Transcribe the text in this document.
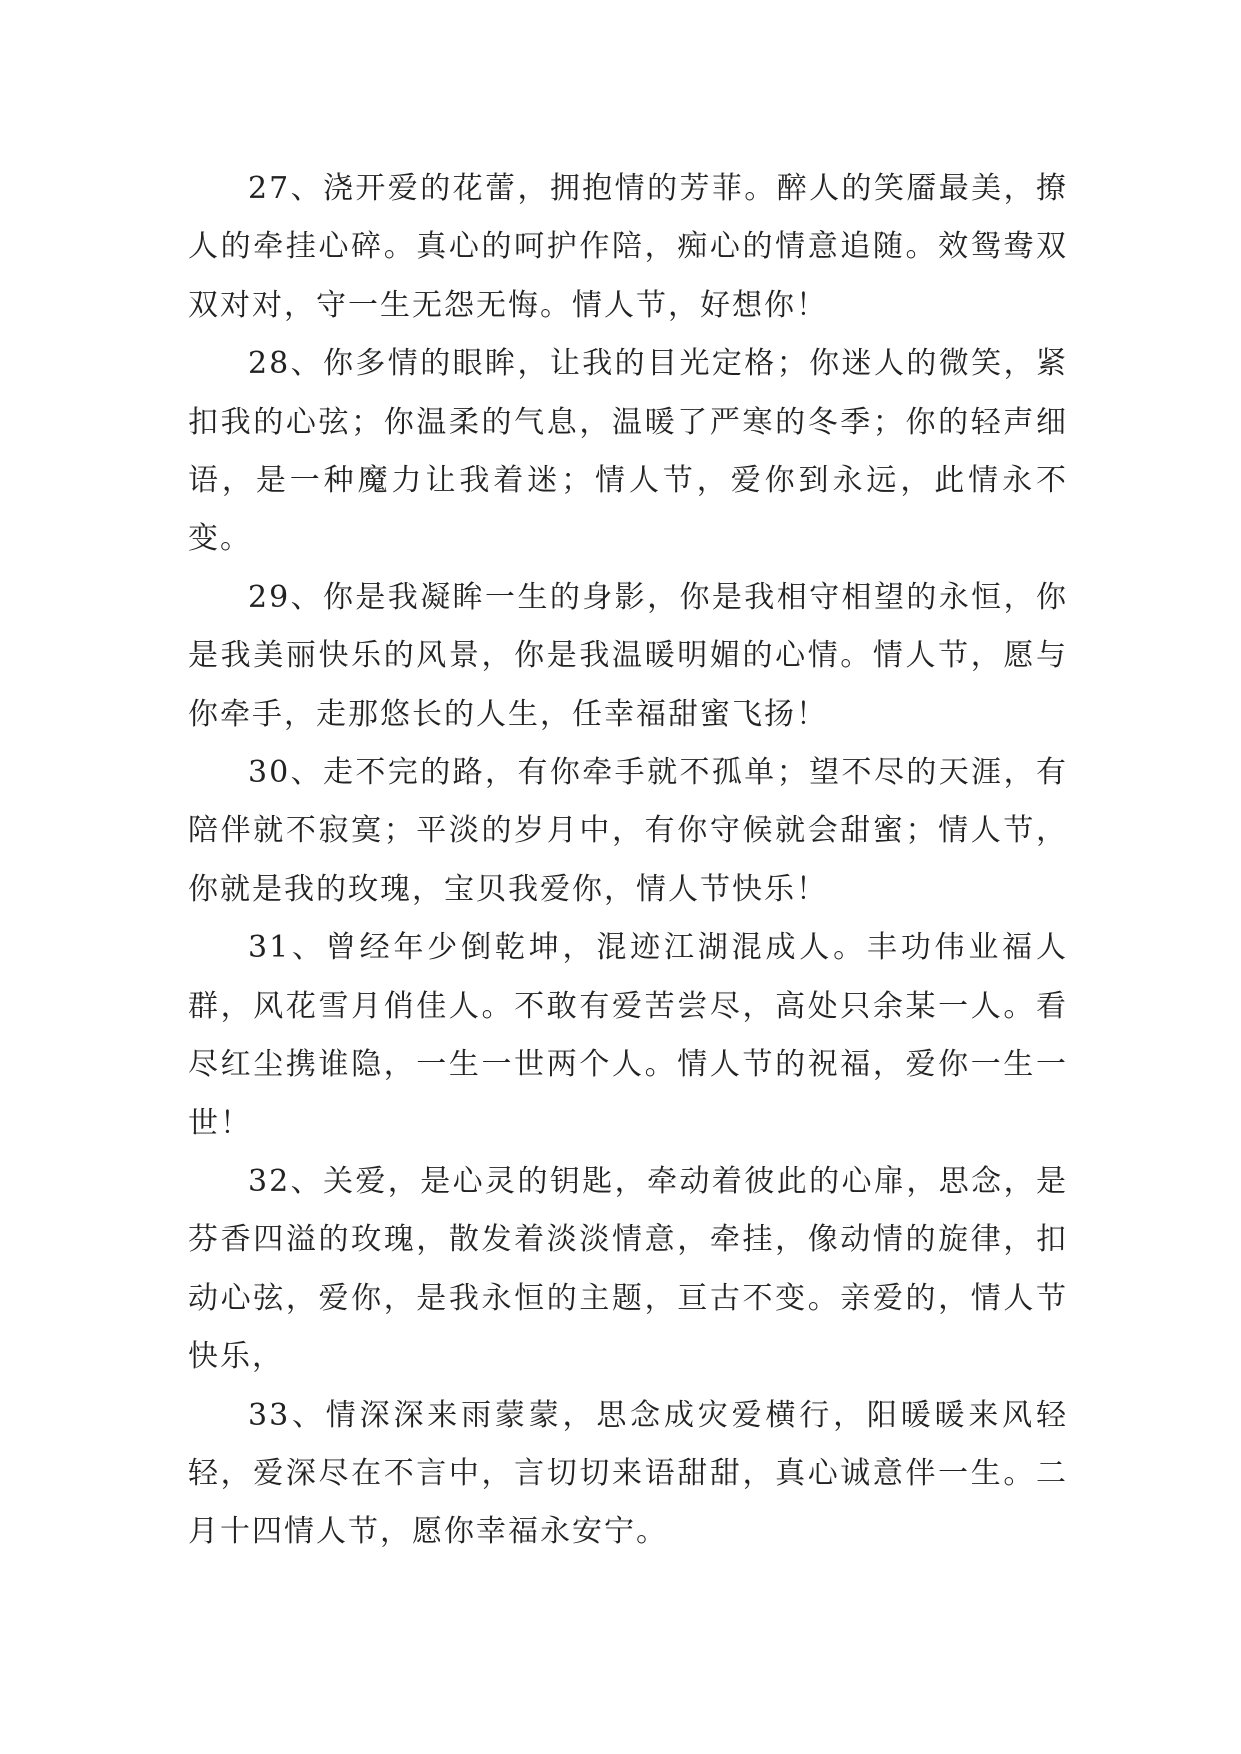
27、浇开爱的花蕾，拥抱情的芳菲。醉人的笑靥最美，撩人的牵挂心碎。真心的呵护作陪，痴心的情意追随。效鸳鸯双双对对，守一生无怨无悔。情人节，好想你！

28、你多情的眼眸，让我的目光定格；你迷人的微笑，紧扣我的心弦；你温柔的气息，温暖了严寒的冬季；你的轻声细语，是一种魔力让我着迷；情人节，爱你到永远，此情永不变。

29、你是我凝眸一生的身影，你是我相守相望的永恒，你是我美丽快乐的风景，你是我温暖明媚的心情。情人节，愿与你牵手，走那悠长的人生，任幸福甜蜜飞扬！

30、走不完的路，有你牵手就不孤单；望不尽的天涯，有陪伴就不寂寞；平淡的岁月中，有你守候就会甜蜜；情人节，你就是我的玫瑰，宝贝我爱你，情人节快乐！

31、曾经年少倒乾坤，混迹江湖混成人。丰功伟业福人群，风花雪月俏佳人。不敢有爱苦尝尽，高处只余某一人。看尽红尘携谁隐，一生一世两个人。情人节的祝福，爱你一生一世！

32、关爱，是心灵的钥匙，牵动着彼此的心扉，思念，是芬香四溢的玫瑰，散发着淡淡情意，牵挂，像动情的旋律，扣动心弦，爱你，是我永恒的主题，亘古不变。亲爱的，情人节快乐，

33、情深深来雨蒙蒙，思念成灾爱横行，阳暖暖来风轻轻，爱深尽在不言中，言切切来语甜甜，真心诚意伴一生。二月十四情人节，愿你幸福永安宁。
